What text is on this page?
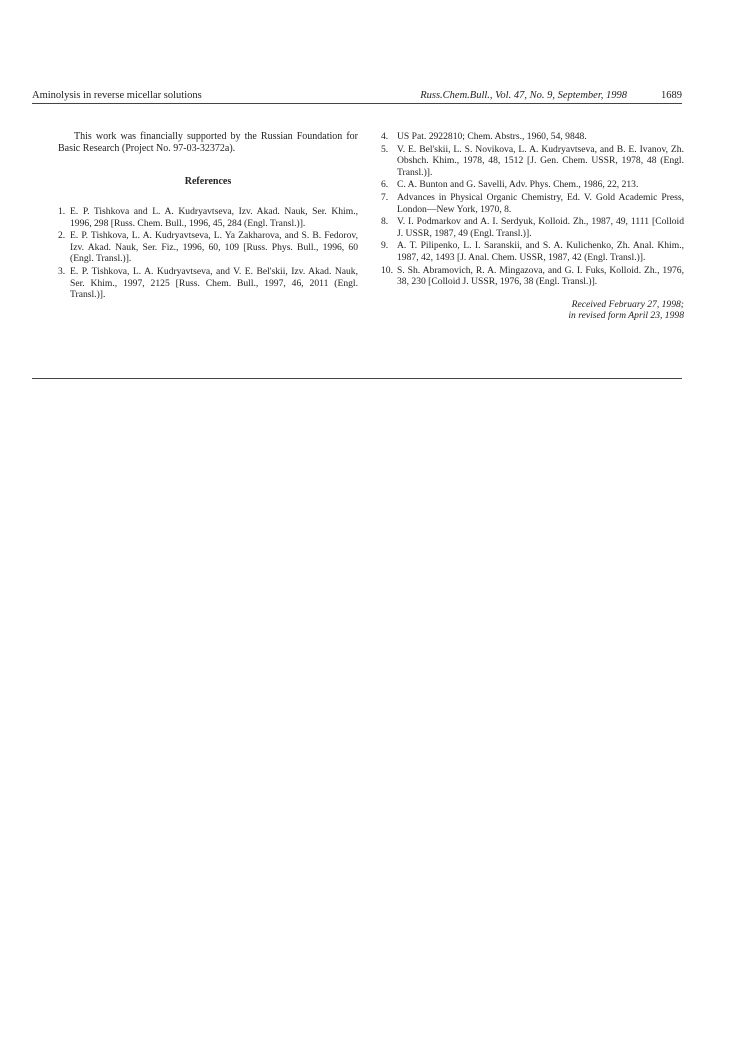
Aminolysis in reverse micellar solutions	Russ.Chem.Bull., Vol. 47, No. 9, September, 1998	1689

This work was financially supported by the Russian Foundation for Basic Research (Project No. 97-03-32372a).

References
1. E. P. Tishkova and L. A. Kudryavtseva, Izv. Akad. Nauk, Ser. Khim., 1996, 298 [Russ. Chem. Bull., 1996, 45, 284 (Engl. Transl.)].
2. E. P. Tishkova, L. A. Kudryavtseva, L. Ya Zakharova, and S. B. Fedorov, Izv. Akad. Nauk, Ser. Fiz., 1996, 60, 109 [Russ. Phys. Bull., 1996, 60 (Engl. Transl.)].
3. E. P. Tishkova, L. A. Kudryavtseva, and V. E. Bel'skii, Izv. Akad. Nauk, Ser. Khim., 1997, 2125 [Russ. Chem. Bull., 1997, 46, 2011 (Engl. Transl.)].
4. US Pat. 2922810; Chem. Abstrs., 1960, 54, 9848.
5. V. E. Bel'skii, L. S. Novikova, L. A. Kudryavtseva, and B. E. Ivanov, Zh. Obshch. Khim., 1978, 48, 1512 [J. Gen. Chem. USSR, 1978, 48 (Engl. Transl.)].
6. C. A. Bunton and G. Savelli, Adv. Phys. Chem., 1986, 22, 213.
7. Advances in Physical Organic Chemistry, Ed. V. Gold Academic Press, London—New York, 1970, 8.
8. V. I. Podmarkov and A. I. Serdyuk, Kolloid. Zh., 1987, 49, 1111 [Colloid J. USSR, 1987, 49 (Engl. Transl.)].
9. A. T. Pilipenko, L. I. Saranskii, and S. A. Kulichenko, Zh. Anal. Khim., 1987, 42, 1493 [J. Anal. Chem. USSR, 1987, 42 (Engl. Transl.)].
10. S. Sh. Abramovich, R. A. Mingazova, and G. I. Fuks, Kolloid. Zh., 1976, 38, 230 [Colloid J. USSR, 1976, 38 (Engl. Transl.)].
Received February 27, 1998;
in revised form April 23, 1998
